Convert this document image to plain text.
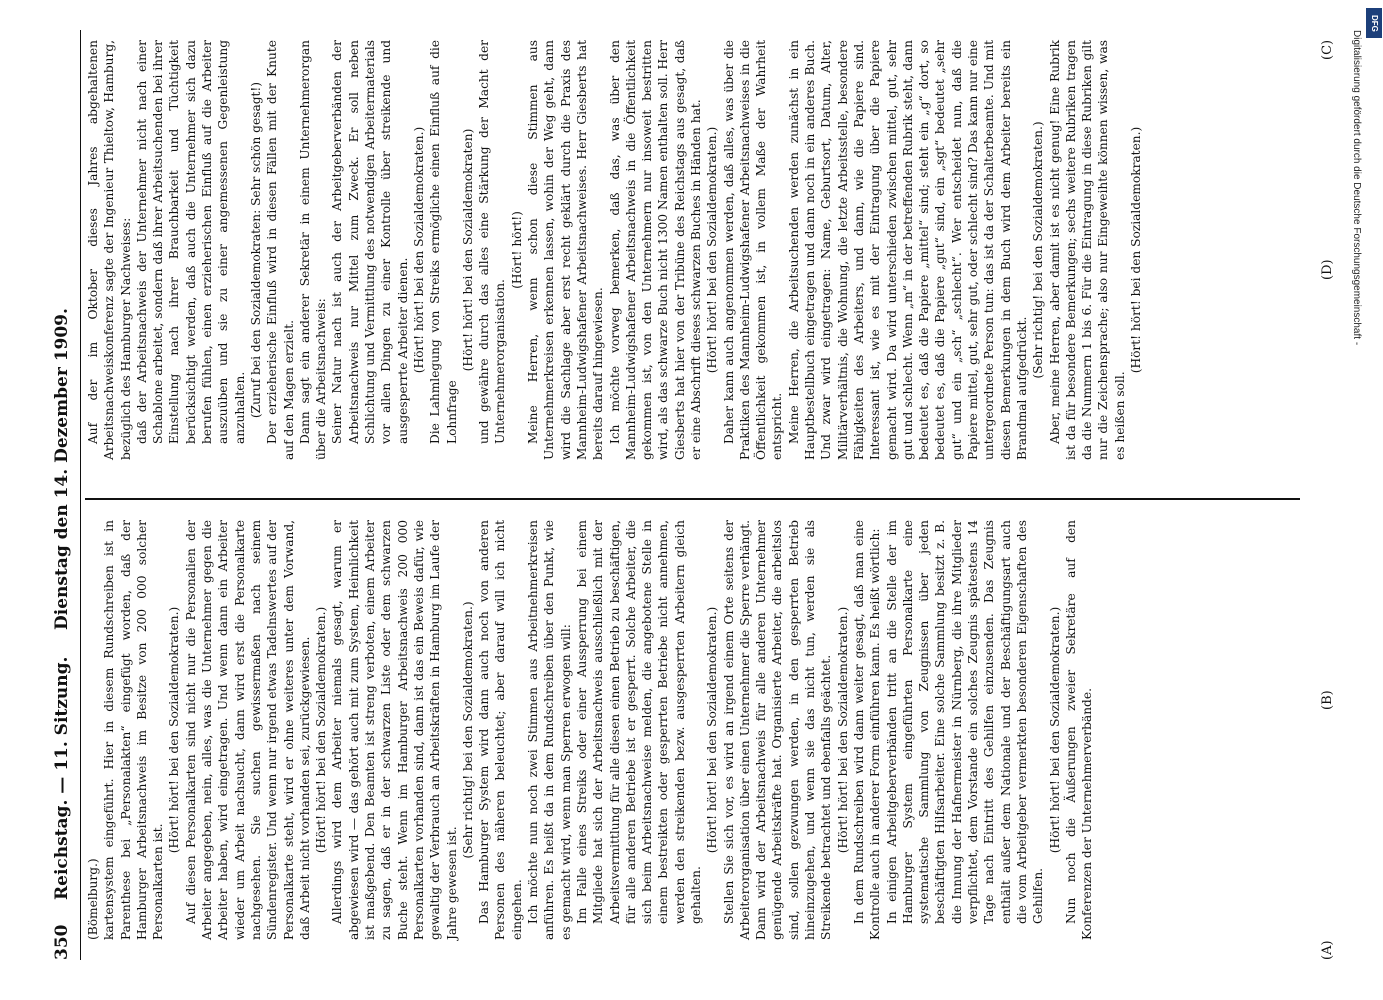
350
Reichstag. — 11. Sitzung.
Dienstag den 14. Dezember 1909.
(A)
(C)
(B)
(D)

(Bömelburg.) kartensystem eingeführt. Hier in diesem Rundschreiben ist in Parenthese bei „Personalakten“ eingefügt worden, daß der Hamburger Arbeitsnachweis im Besitze von 200 000 solcher Personalkarten ist.

(Hört! hört! bei den Sozialdemokraten.) Auf diesen Personalkarten sind nicht nur die Personalien der Arbeiter angegeben, nein, alles, was die Unternehmer gegen die Arbeiter haben, wird eingetragen. Und wenn dann ein Arbeiter wieder um Arbeit nachsucht, dann wird erst die Personalkarte nachgesehen. Sie suchen gewissermaßen nach seinem Sündenregister. Und wenn nur irgend etwas Tadelnswertes auf der Personalkarte steht, wird er ohne weiteres unter dem Vorwand, daß Arbeit nicht vorhanden sei, zurückgewiesen. (Hört! hört! bei den Sozialdemokraten.) Allerdings wird dem Arbeiter niemals gesagt, warum er abgewiesen wird — das gehört auch mit zum System, Heimlichkeit ist maßgebend. Den Beamten ist streng verboten, einem Arbeiter zu sagen, daß er in der schwarzen Liste oder dem schwarzen Buche steht. Wenn im Hamburger Arbeitsnachweis 200 000 Personalkarten vorhanden sind, dann ist das ein Beweis dafür, wie gewaltig der Verbrauch an Arbeitskräften in Hamburg im Laufe der Jahre gewesen ist.

(Sehr richtig! bei den Sozialdemokraten.) Das Hamburger System wird dann auch noch von anderen Personen des näheren beleuchtet; aber darauf will ich nicht eingehen. Ich möchte nun noch zwei Stimmen aus Arbeitnehmerkreisen anführen. Es heißt da in dem Rundschreiben über den Punkt, wie es gemacht wird, wenn man Sperren erwogen will: Im Falle eines Streiks oder einer Aussperrung bei einem Mitgliede hat sich der Arbeitsnachweis ausschließlich mit der Arbeitsvermittlung für alle diesen einen Betrieb zu beschäftigen, für alle anderen Betriebe ist er gesperrt. Solche Arbeiter, die sich beim Arbeitsnachweise melden, die angebotene Stelle in einem bestreikten oder gesperrten Betriebe nicht annehmen, werden den streikenden bezw. ausgesperrten Arbeitern gleich gehalten.

(Hört! hört! bei den Sozialdemokraten.) Stellen Sie sich vor, es wird an irgend einem Orte seitens der Arbeiterorganisation über einen Unternehmer die Sperre verhängt. Dann wird der Arbeitsnachweis für alle anderen Unternehmer genügende Arbeitskräfte hat. Organisierte Arbeiter, die arbeitslos sind, sollen gezwungen werden, in den gesperrten Betrieb hineinzugehen, und wenn sie das nicht tun, werden sie als Streikende betrachtet und ebenfalls geächtet. (Hört! hört! bei den Sozialdemokraten.) In dem Rundschreiben wird dann weiter gesagt, daß man eine Kontrolle auch in anderer Form einführen kann. Es heißt wörtlich: In einigen Arbeitgeberverbänden tritt an die Stelle der im Hamburger System eingeführten Personalkarte eine systematische Sammlung von Zeugnissen über jeden beschäftigten Hilfsarbeiter. Eine solche Sammlung besitzt z. B. die Innung der Hafnermeister in Nürnberg, die ihre Mitglieder verpflichtet, dem Vorstande ein solches Zeugnis spätestens 14 Tage nach Eintritt des Gehilfen einzusenden. Das Zeugnis enthält außer dem Nationale und der Beschäftigungsart auch die vom Arbeitgeber vermerkten besonderen Eigenschaften des Gehilfen.

(Hört! hört! bei den Sozialdemokraten.) Nun noch die Äußerungen zweier Sekretäre auf den Konferenzen der Unternehmerverbände.

Auf der im Oktober dieses Jahres abgehaltenen Arbeitsnachweiskonferenz sagte der Ingenieur Thieltow, Hamburg, bezüglich des Hamburger Nachweises: daß der Arbeitsnachweis der Unternehmer nicht nach einer Schablone arbeitet, sondern daß ihrer Arbeitsuchenden bei ihrer Einstellung nach ihrer Brauchbarkeit und Tüchtigkeit berücksichtigt werden, daß auch die Unternehmer sich dazu berufen fühlen, einen erzieherischen Einfluß auf die Arbeiter auszuüben und sie zu einer angemessenen Gegenleistung anzuhalten. (Zuruf bei den Sozialdemokraten: Sehr schön gesagt!) Der erzieherische Einfluß wird in diesen Fällen mit der Knute auf den Magen erzielt. Dann sagt ein anderer Sekretär in einem Unternehmerorgan über die Arbeitsnachweis: Seiner Natur nach ist auch der Arbeitgeberverbänden der Arbeitsnachweis nur Mittel zum Zweck. Er soll neben Schlichtung und Vermittlung des notwendigen Arbeitermaterials vor allen Dingen zu einer Kontrolle über streikende und ausgesperrte Arbeiter dienen. (Hört! hört! bei den Sozialdemokraten.) Die Lahmlegung von Streiks ermögliche einen Einfluß auf die Lohnfrage

(Hört! hört! bei den Sozialdemokraten) und gewähre durch das alles eine Stärkung der Macht der Unternehmerorganisation.

(Hört! hört!) Meine Herren, wenn schon diese Stimmen aus Unternehmerkreisen erkennen lassen, wohin der Weg geht, dann wird die Sachlage aber erst recht geklärt durch die Praxis des Mannheim-Ludwigshafener Arbeitsnachweises. Herr Giesberts hat bereits darauf hingewiesen. Ich möchte vorweg bemerken, daß das, was über den Mannheim-Ludwigshafener Arbeitsnachweis in die Öffentlichkeit gekommen ist, von den Unternehmern nur insoweit bestritten wird, als das schwarze Buch nicht 1300 Namen enthalten soll. Herr Giesberts hat hier von der Tribüne des Reichstags aus gesagt, daß er eine Abschrift dieses schwarzen Buches in Händen hat. (Hört! hört! bei den Sozialdemokraten.) Daher kann auch angenommen werden, daß alles, was über die Praktiken des Mannheim-Ludwigshafener Arbeitsnachweises in die Öffentlichkeit gekommen ist, in vollem Maße der Wahrheit entspricht. Meine Herren, die Arbeitsuchenden werden zunächst in ein Hauptbestellbuch eingetragen und dann noch in ein anderes Buch. Und zwar wird eingetragen: Name, Geburtsort, Datum, Alter, Militärverhältnis, die Wohnung, die letzte Arbeitsstelle, besondere Fähigkeiten des Arbeiters, und dann, wie die Papiere sind. Interessant ist, wie es mit der Eintragung über die Papiere gemacht wird. Da wird unterschieden zwischen mittel, gut, sehr gut und schlecht. Wenn „m“ in der betreffenden Rubrik steht, dann bedeutet es, daß die Papiere „mittel“ sind; steht ein „g“ dort, so bedeutet es, daß die Papiere „gut“ sind, ein „sgt“ bedeutet „sehr gut“ und ein „sch“ „schlecht“. Wer entscheidet nun, daß die Papiere mittel, gut, sehr gut, oder schlecht sind? Das kann nur eine untergeordnete Person tun: das ist da der Schalterbeamte. Und mit diesen Bemerkungen in dem Buch wird dem Arbeiter bereits ein Brandmal aufgedrückt.

(Sehr richtig! bei den Sozialdemokraten.) Aber, meine Herren, aber damit ist es nicht genug! Eine Rubrik ist da für besondere Bemerkungen; sechs weitere Rubriken tragen da die Nummern 1 bis 6. Für die Eintragung in diese Rubriken gilt nur die Zeichensprache; also nur Eingeweihte können wissen, was es heißen soll.

(Hört! hört! bei den Sozialdemokraten.)

DFG
Digitalisierung gefördert durch die Deutsche Forschungsgemeinschaft -
